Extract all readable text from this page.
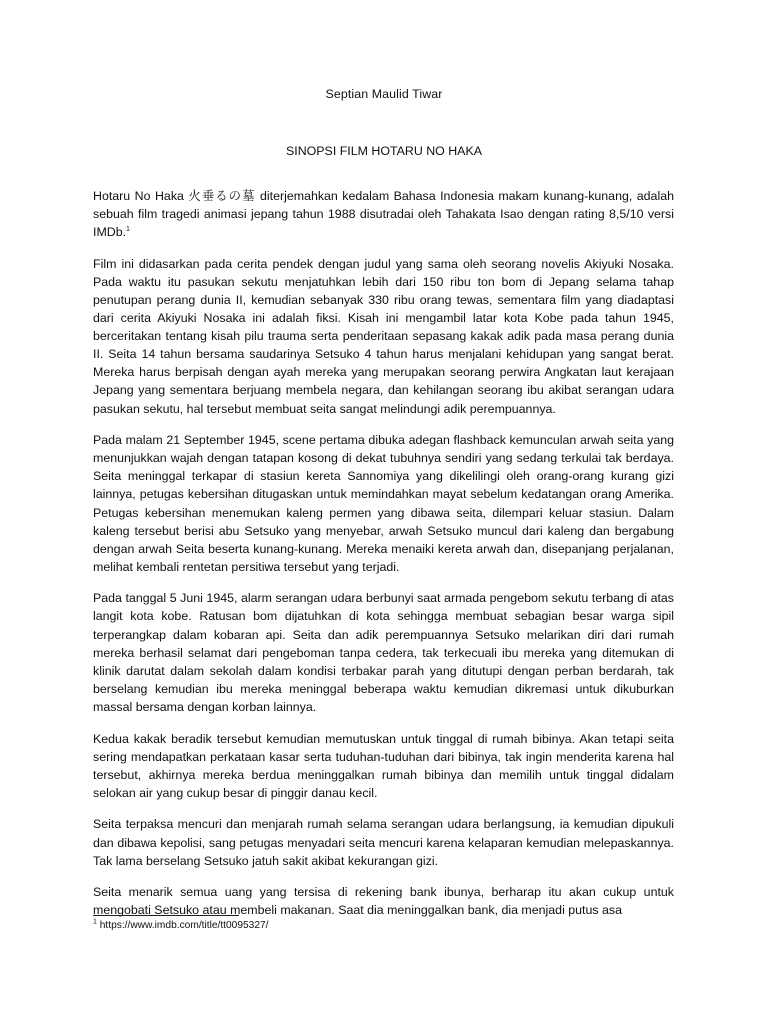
Septian Maulid Tiwar
SINOPSI FILM HOTARU NO HAKA

Hotaru No Haka 火垂るの墓 diterjemahkan kedalam Bahasa Indonesia makam kunang-kunang, adalah sebuah film tragedi animasi jepang tahun 1988 disutradai oleh Tahakata Isao dengan rating 8,5/10 versi IMDb.$^1$

Film ini didasarkan pada cerita pendek dengan judul yang sama oleh seorang novelis Akiyuki Nosaka. Pada waktu itu pasukan sekutu menjatuhkan lebih dari 150 ribu ton bom di Jepang selama tahap penutupan perang dunia II, kemudian sebanyak 330 ribu orang tewas, sementara film yang diadaptasi dari cerita Akiyuki Nosaka ini adalah fiksi. Kisah ini mengambil latar kota Kobe pada tahun 1945, berceritakan tentang kisah pilu trauma serta penderitaan sepasang kakak adik pada masa perang dunia II. Seita 14 tahun bersama saudarinya Setsuko 4 tahun harus menjalani kehidupan yang sangat berat. Mereka harus berpisah dengan ayah mereka yang merupakan seorang perwira Angkatan laut kerajaan Jepang yang sementara berjuang membela negara, dan kehilangan seorang ibu akibat serangan udara pasukan sekutu, hal tersebut membuat seita sangat melindungi adik perempuannya.

Pada malam 21 September 1945, scene pertama dibuka adegan flashback kemunculan arwah seita yang menunjukkan wajah dengan tatapan kosong di dekat tubuhnya sendiri yang sedang terkulai tak berdaya. Seita meninggal terkapar di stasiun kereta Sannomiya yang dikelilingi oleh orang-orang kurang gizi lainnya, petugas kebersihan ditugaskan untuk memindahkan mayat sebelum kedatangan orang Amerika. Petugas kebersihan menemukan kaleng permen yang dibawa seita, dilempari keluar stasiun. Dalam kaleng tersebut berisi abu Setsuko yang menyebar, arwah Setsuko muncul dari kaleng dan bergabung dengan arwah Seita beserta kunang-kunang. Mereka menaiki kereta arwah dan, disepanjang perjalanan, melihat kembali rentetan persitiwa tersebut yang terjadi.

Pada tanggal 5 Juni 1945, alarm serangan udara berbunyi saat armada pengebom sekutu terbang di atas langit kota kobe. Ratusan bom dijatuhkan di kota sehingga membuat sebagian besar warga sipil terperangkap dalam kobaran api. Seita dan adik perempuannya Setsuko melarikan diri dari rumah mereka berhasil selamat dari pengeboman tanpa cedera, tak terkecuali ibu mereka yang ditemukan di klinik darutat dalam sekolah dalam kondisi terbakar parah yang ditutupi dengan perban berdarah, tak berselang kemudian ibu mereka meninggal beberapa waktu kemudian dikremasi untuk dikuburkan massal bersama dengan korban lainnya.

Kedua kakak beradik tersebut kemudian memutuskan untuk tinggal di rumah bibinya. Akan tetapi seita sering mendapatkan perkataan kasar serta tuduhan-tuduhan dari bibinya, tak ingin menderita karena hal tersebut, akhirnya mereka berdua meninggalkan rumah bibinya dan memilih untuk tinggal didalam selokan air yang cukup besar di pinggir danau kecil.

Seita terpaksa mencuri dan menjarah rumah selama serangan udara berlangsung, ia kemudian dipukuli dan dibawa kepolisi, sang petugas menyadari seita mencuri karena kelaparan kemudian melepaskannya. Tak lama berselang Setsuko jatuh sakit akibat kekurangan gizi.

Seita menarik semua uang yang tersisa di rekening bank ibunya, berharap itu akan cukup untuk mengobati Setsuko atau membeli makanan. Saat dia meninggalkan bank, dia menjadi putus asa

$^1$ https://www.imdb.com/title/tt0095327/
